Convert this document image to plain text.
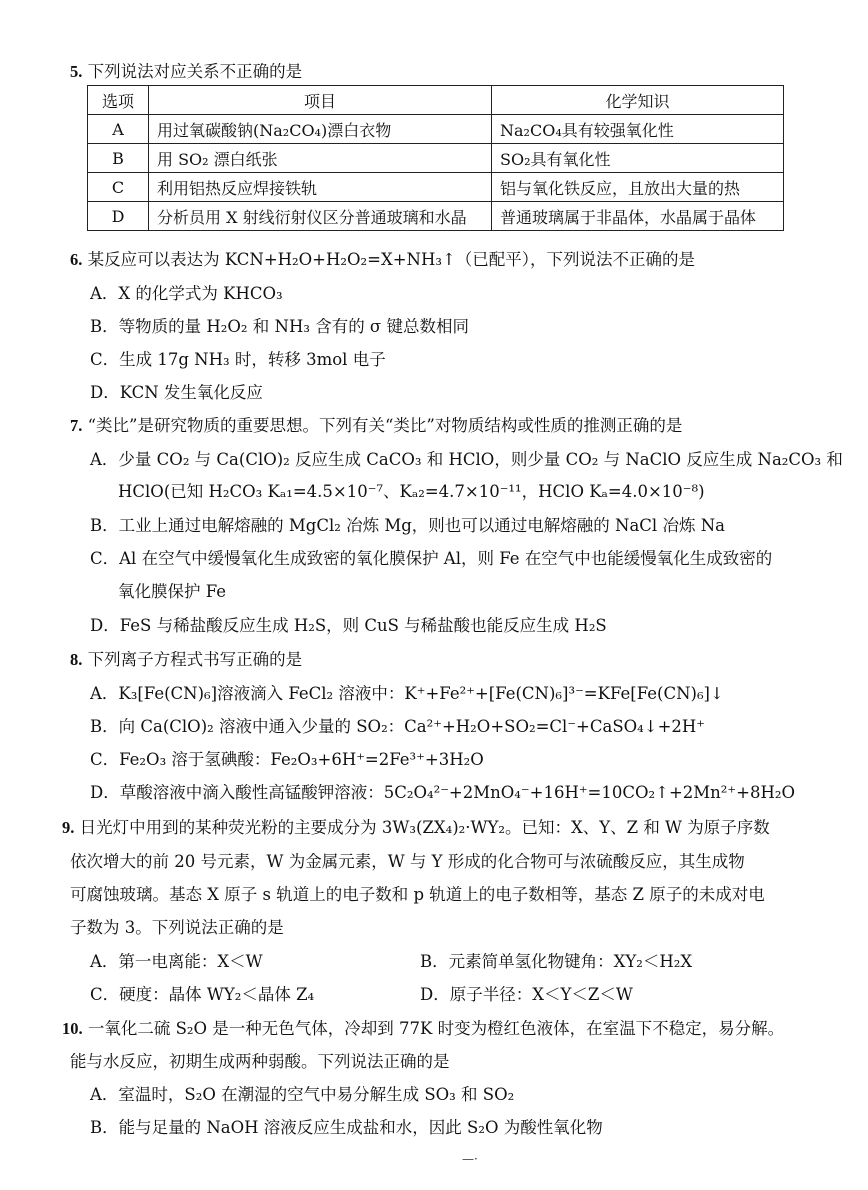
5. 下列说法对应关系不正确的是
选项	项目	化学知识
A	用过氧碳酸钠(Na₂CO₄)漂白衣物	Na₂CO₄具有较强氧化性
B	用 SO₂ 漂白纸张	SO₂具有氧化性
C	利用铝热反应焊接铁轨	铝与氧化铁反应，且放出大量的热
D	分析员用 X 射线衍射仪区分普通玻璃和水晶	普通玻璃属于非晶体，水晶属于晶体
6. 某反应可以表达为 KCN+H₂O+H₂O₂=X+NH₃↑（已配平），下列说法不正确的是
A．X 的化学式为 KHCO₃
B．等物质的量 H₂O₂ 和 NH₃ 含有的 σ 键总数相同
C．生成 17g NH₃ 时，转移 3mol 电子
D．KCN 发生氧化反应
7. “类比”是研究物质的重要思想。下列有关“类比”对物质结构或性质的推测正确的是
A．少量 CO₂ 与 Ca(ClO)₂ 反应生成 CaCO₃ 和 HClO，则少量 CO₂ 与 NaClO 反应生成 Na₂CO₃ 和
HClO(已知 H₂CO₃ Kₐ₁=4.5×10⁻⁷、Kₐ₂=4.7×10⁻¹¹，HClO Kₐ=4.0×10⁻⁸)
B．工业上通过电解熔融的 MgCl₂ 冶炼 Mg，则也可以通过电解熔融的 NaCl 冶炼 Na
C．Al 在空气中缓慢氧化生成致密的氧化膜保护 Al，则 Fe 在空气中也能缓慢氧化生成致密的
氧化膜保护 Fe
D．FeS 与稀盐酸反应生成 H₂S，则 CuS 与稀盐酸也能反应生成 H₂S
8. 下列离子方程式书写正确的是
A．K₃[Fe(CN)₆]溶液滴入 FeCl₂ 溶液中：K⁺+Fe²⁺+[Fe(CN)₆]³⁻=KFe[Fe(CN)₆]↓
B．向 Ca(ClO)₂ 溶液中通入少量的 SO₂：Ca²⁺+H₂O+SO₂=Cl⁻+CaSO₄↓+2H⁺
C．Fe₂O₃ 溶于氢碘酸：Fe₂O₃+6H⁺=2Fe³⁺+3H₂O
D．草酸溶液中滴入酸性高锰酸钾溶液：5C₂O₄²⁻+2MnO₄⁻+16H⁺=10CO₂↑+2Mn²⁺+8H₂O
9. 日光灯中用到的某种荧光粉的主要成分为 3W₃(ZX₄)₂·WY₂。已知：X、Y、Z 和 W 为原子序数
依次增大的前 20 号元素，W 为金属元素，W 与 Y 形成的化合物可与浓硫酸反应，其生成物
可腐蚀玻璃。基态 X 原子 s 轨道上的电子数和 p 轨道上的电子数相等，基态 Z 原子的未成对电
子数为 3。下列说法正确的是
A．第一电离能：X＜W	B．元素简单氢化物键角：XY₂＜H₂X
C．硬度：晶体 WY₂＜晶体 Z₄	D．原子半径：X＜Y＜Z＜W
10. 一氧化二硫 S₂O 是一种无色气体，冷却到 77K 时变为橙红色液体，在室温下不稳定，易分解。
能与水反应，初期生成两种弱酸。下列说法正确的是
A．室温时，S₂O 在潮湿的空气中易分解生成 SO₃ 和 SO₂
B．能与足量的 NaOH 溶液反应生成盐和水，因此 S₂O 为酸性氧化物
—·
